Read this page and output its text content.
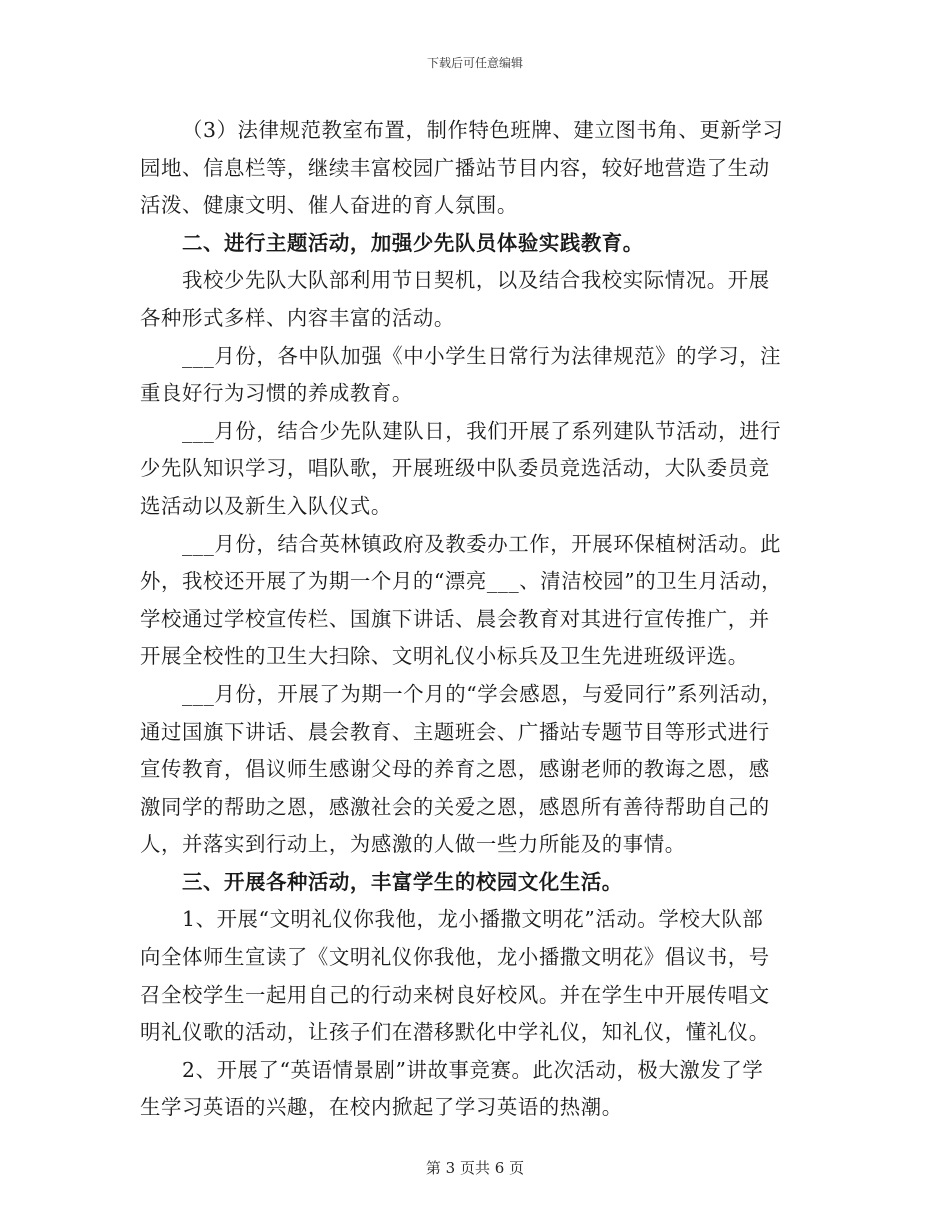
下载后可任意编辑
（3）法律规范教室布置，制作特色班牌、建立图书角、更新学习
园地、信息栏等，继续丰富校园广播站节目内容，较好地营造了生动
活泼、健康文明、催人奋进的育人氛围。
二、进行主题活动，加强少先队员体验实践教育。
我校少先队大队部利用节日契机，以及结合我校实际情况。开展
各种形式多样、内容丰富的活动。
___月份，各中队加强《中小学生日常行为法律规范》的学习，注
重良好行为习惯的养成教育。
___月份，结合少先队建队日，我们开展了系列建队节活动，进行
少先队知识学习，唱队歌，开展班级中队委员竞选活动，大队委员竞
选活动以及新生入队仪式。
___月份，结合英林镇政府及教委办工作，开展环保植树活动。此
外，我校还开展了为期一个月的“漂亮___、清洁校园”的卫生月活动，
学校通过学校宣传栏、国旗下讲话、晨会教育对其进行宣传推广，并
开展全校性的卫生大扫除、文明礼仪小标兵及卫生先进班级评选。
___月份，开展了为期一个月的“学会感恩，与爱同行”系列活动，
通过国旗下讲话、晨会教育、主题班会、广播站专题节目等形式进行
宣传教育，倡议师生感谢父母的养育之恩，感谢老师的教诲之恩，感
激同学的帮助之恩，感激社会的关爱之恩，感恩所有善待帮助自己的
人，并落实到行动上，为感激的人做一些力所能及的事情。
三、开展各种活动，丰富学生的校园文化生活。
1、开展“文明礼仪你我他，龙小播撒文明花”活动。学校大队部
向全体师生宣读了《文明礼仪你我他，龙小播撒文明花》倡议书，号
召全校学生一起用自己的行动来树良好校风。并在学生中开展传唱文
明礼仪歌的活动，让孩子们在潜移默化中学礼仪，知礼仪，懂礼仪。
2、开展了“英语情景剧”讲故事竞赛。此次活动，极大激发了学
生学习英语的兴趣，在校内掀起了学习英语的热潮。
第 3 页共 6 页
